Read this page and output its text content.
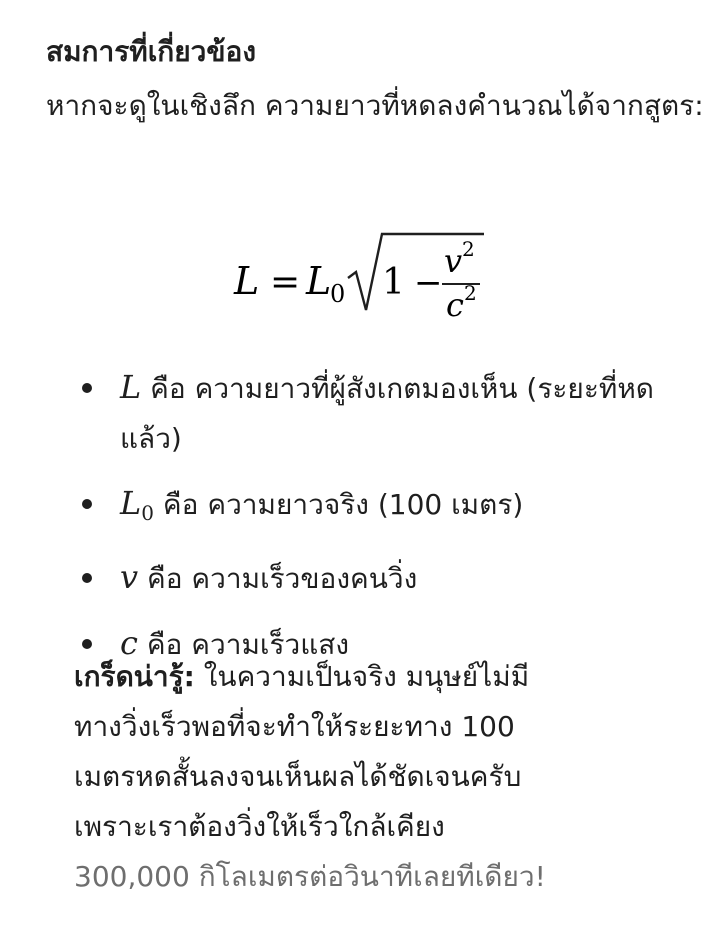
สมการที่เกี่ยวข้อง

หากจะดูในเชิงลึก ความยาวที่หดลงคำนวณได้จากสูตร:

L = L
0 1 −
v 2
c 2
L คือ ความยาวที่ผู้สังเกตมองเห็น (ระยะที่หด
แล้ว)
$L_0$ คือ ความยาวจริง (100 เมตร)
v คือ ความเร็วของคนวิ่ง
c คือ ความเร็วแสง
เกร็ดน่ารู้: ในความเป็นจริง มนุษย์ไม่มี
ทางวิ่งเร็วพอที่จะทำให้ระยะทาง 100
เมตรหดสั้นลงจนเห็นผลได้ชัดเจนครับ
เพราะเราต้องวิ่งให้เร็วใกล้เคียง
300,000 กิโลเมตรต่อวินาทีเลยทีเดียว!
